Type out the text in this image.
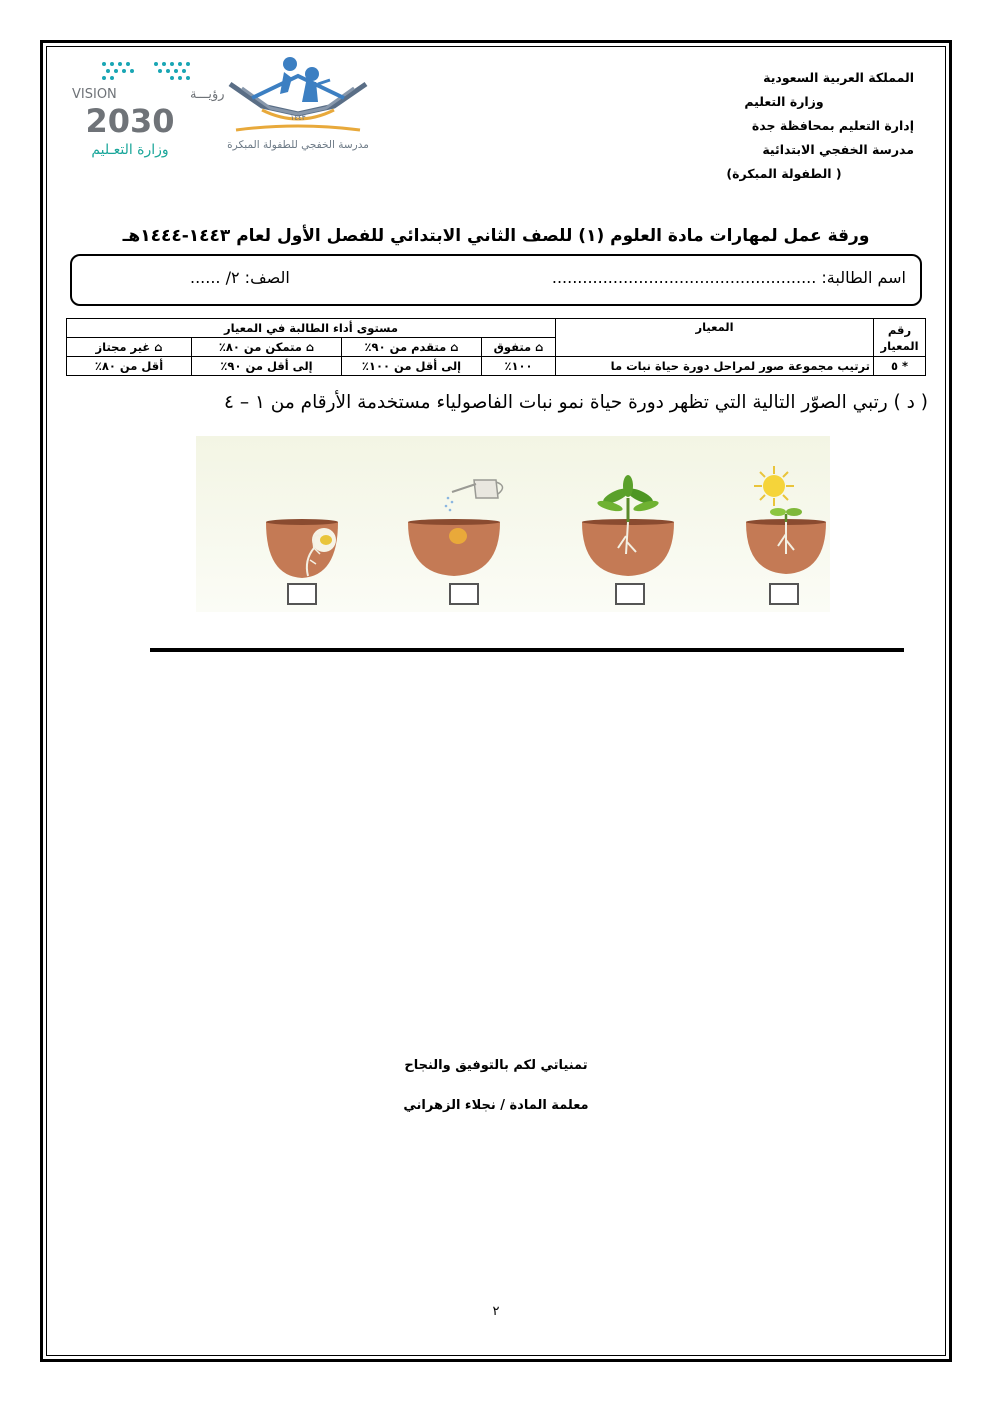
المملكة العربية السعودية
وزارة التعليم
إدارة التعليم بمحافظة جدة
مدرسة الخفجي الابتدائية
( الطفولة المبكرة)
١٤٤٣
مدرسة الخفجي للطفولة المبكرة
VISION	رؤيـــة
2030
وزارة التعـليم
ورقة عمل لمهارات مادة العلوم (١) للصف الثاني الابتدائي للفصل الأول لعام ١٤٤٣-١٤٤٤هـ
اسم الطالبة: ....................................................
الصف: ٢/ ......
رقم المعيار	المعيار	مستوى أداء الطالبة في المعيار			
		⌂ متفوق	⌂ متقدم من ٩٠٪	⌂ متمكن من ٨٠٪	⌂ غير مجتاز
* ٥	ترتيب مجموعة صور لمراحل دورة حياة نبات ما	١٠٠٪	إلى أقل من ١٠٠٪	إلى أقل من ٩٠٪	أقل من ٨٠٪
( د ) رتبي الصوّر التالية التي تظهر دورة حياة نمو نبات الفاصولياء مستخدمة الأرقام من ١ – ٤
تمنياتي لكم بالتوفيق والنجاح
معلمة المادة / نجلاء الزهراني
٢
